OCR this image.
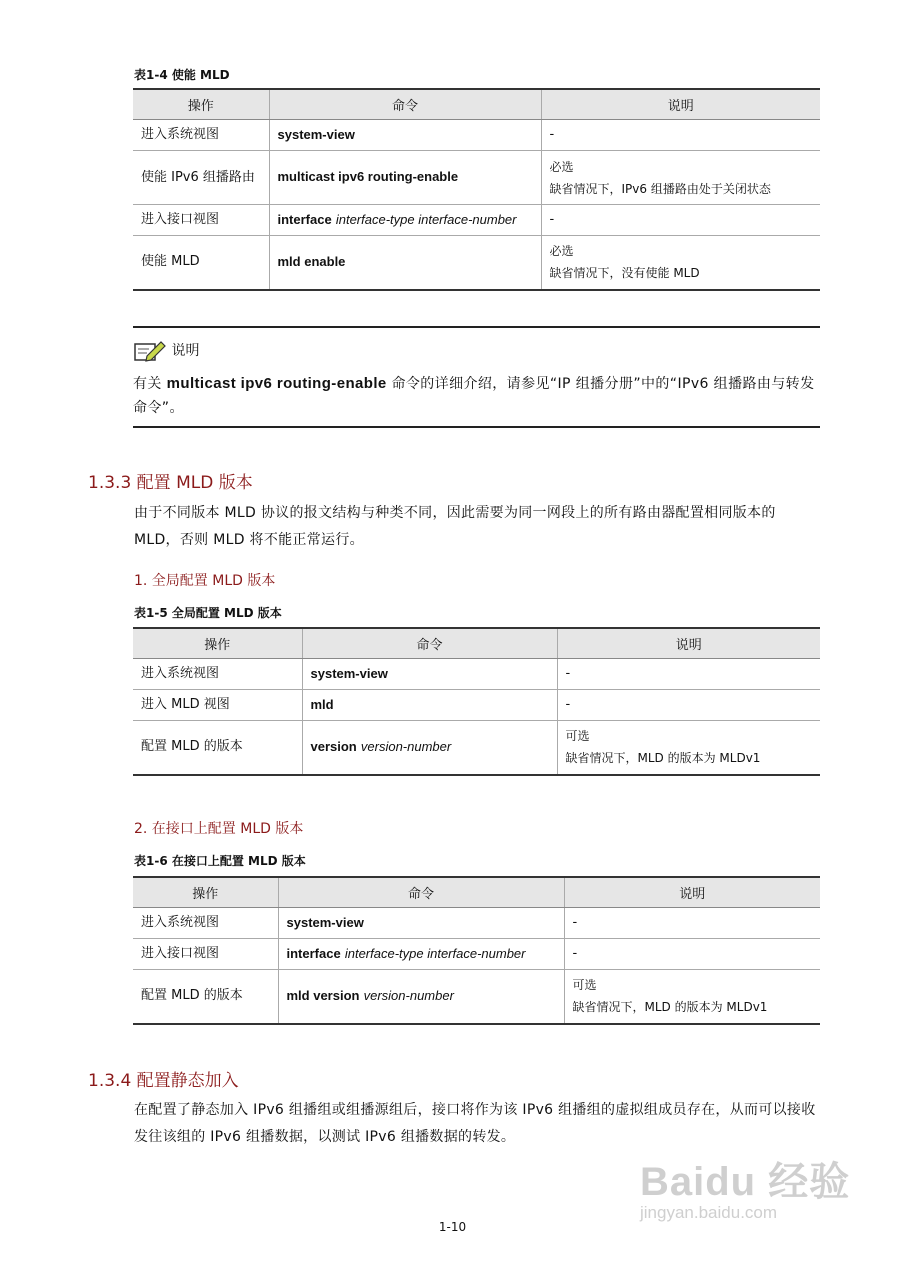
表1-4 使能 MLD
操作	命令	说明
进入系统视图	system-view	-
使能 IPv6 组播路由	multicast ipv6 routing-enable	必选
缺省情况下，IPv6 组播路由处于关闭状态

进入接口视图	interface interface-type interface-number	-
使能 MLD	mld enable	必选
缺省情况下，没有使能 MLD
说明
有关 multicast ipv6 routing-enable 命令的详细介绍，请参见“IP 组播分册”中的“IPv6 组播路由与转发命令”。
1.3.3 配置 MLD 版本
由于不同版本 MLD 协议的报文结构与种类不同，因此需要为同一网段上的所有路由器配置相同版本的 MLD，否则 MLD 将不能正常运行。
1. 全局配置 MLD 版本
表1-5 全局配置 MLD 版本
操作	命令	说明
进入系统视图	system-view	-
进入 MLD 视图	mld	-
配置 MLD 的版本	version version-number	可选
缺省情况下，MLD 的版本为 MLDv1
2. 在接口上配置 MLD 版本
表1-6 在接口上配置 MLD 版本
操作	命令	说明
进入系统视图	system-view	-
进入接口视图	interface interface-type interface-number	-
配置 MLD 的版本	mld version version-number	可选
缺省情况下，MLD 的版本为 MLDv1
1.3.4 配置静态加入
在配置了静态加入 IPv6 组播组或组播源组后，接口将作为该 IPv6 组播组的虚拟组成员存在，从而可以接收发往该组的 IPv6 组播数据，以测试 IPv6 组播数据的转发。
Baidu 经验
jingyan.baidu.com
1-10
